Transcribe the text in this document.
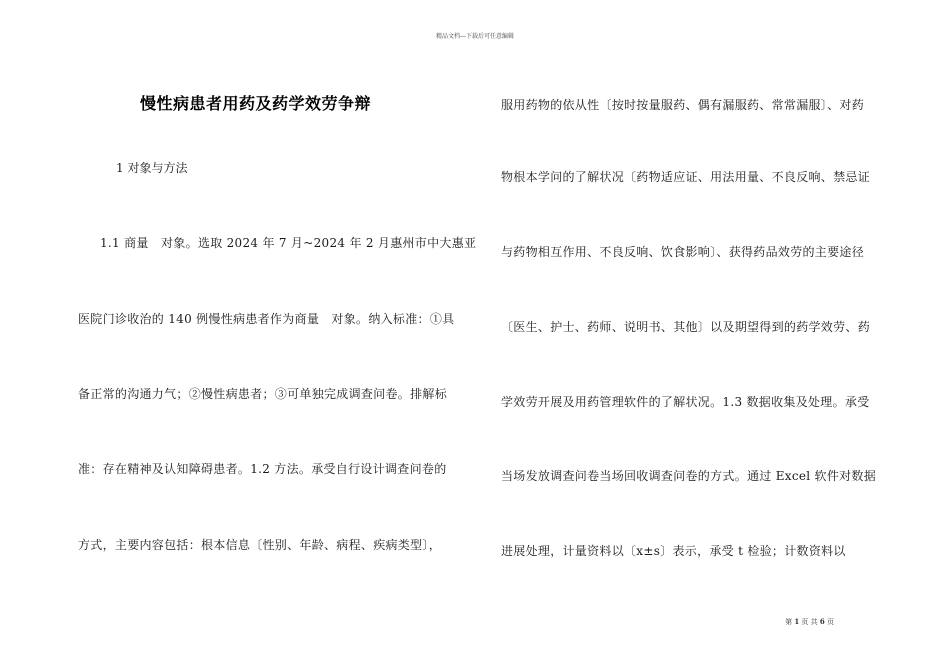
精品文档---下载后可任意编辑
慢性病患者用药及药学效劳争辩
1 对象与方法
1.1 商量　对象。选取 2024 年 7 月~2024 年 2 月惠州市中大惠亚
医院门诊收治的 140 例慢性病患者作为商量　对象。纳入标准：①具
备正常的沟通力气；②慢性病患者；③可单独完成调查问卷。排解标
准：存在精神及认知障碍患者。1.2 方法。承受自行设计调查问卷的
方式，主要内容包括：根本信息〔性别、年龄、病程、疾病类型〕，
服用药物的依从性〔按时按量服药、偶有漏服药、常常漏服〕、对药
物根本学问的了解状况〔药物适应证、用法用量、不良反响、禁忌证
与药物相互作用、不良反响、饮食影响〕、获得药品效劳的主要途径
〔医生、护士、药师、说明书、其他〕以及期望得到的药学效劳、药
学效劳开展及用药管理软件的了解状况。1.3 数据收集及处理。承受
当场发放调查问卷当场回收调查问卷的方式。通过 Excel 软件对数据
进展处理，计量资料以〔x±s〕表示，承受 t 检验；计数资料以
第 1 页 共 6 页
